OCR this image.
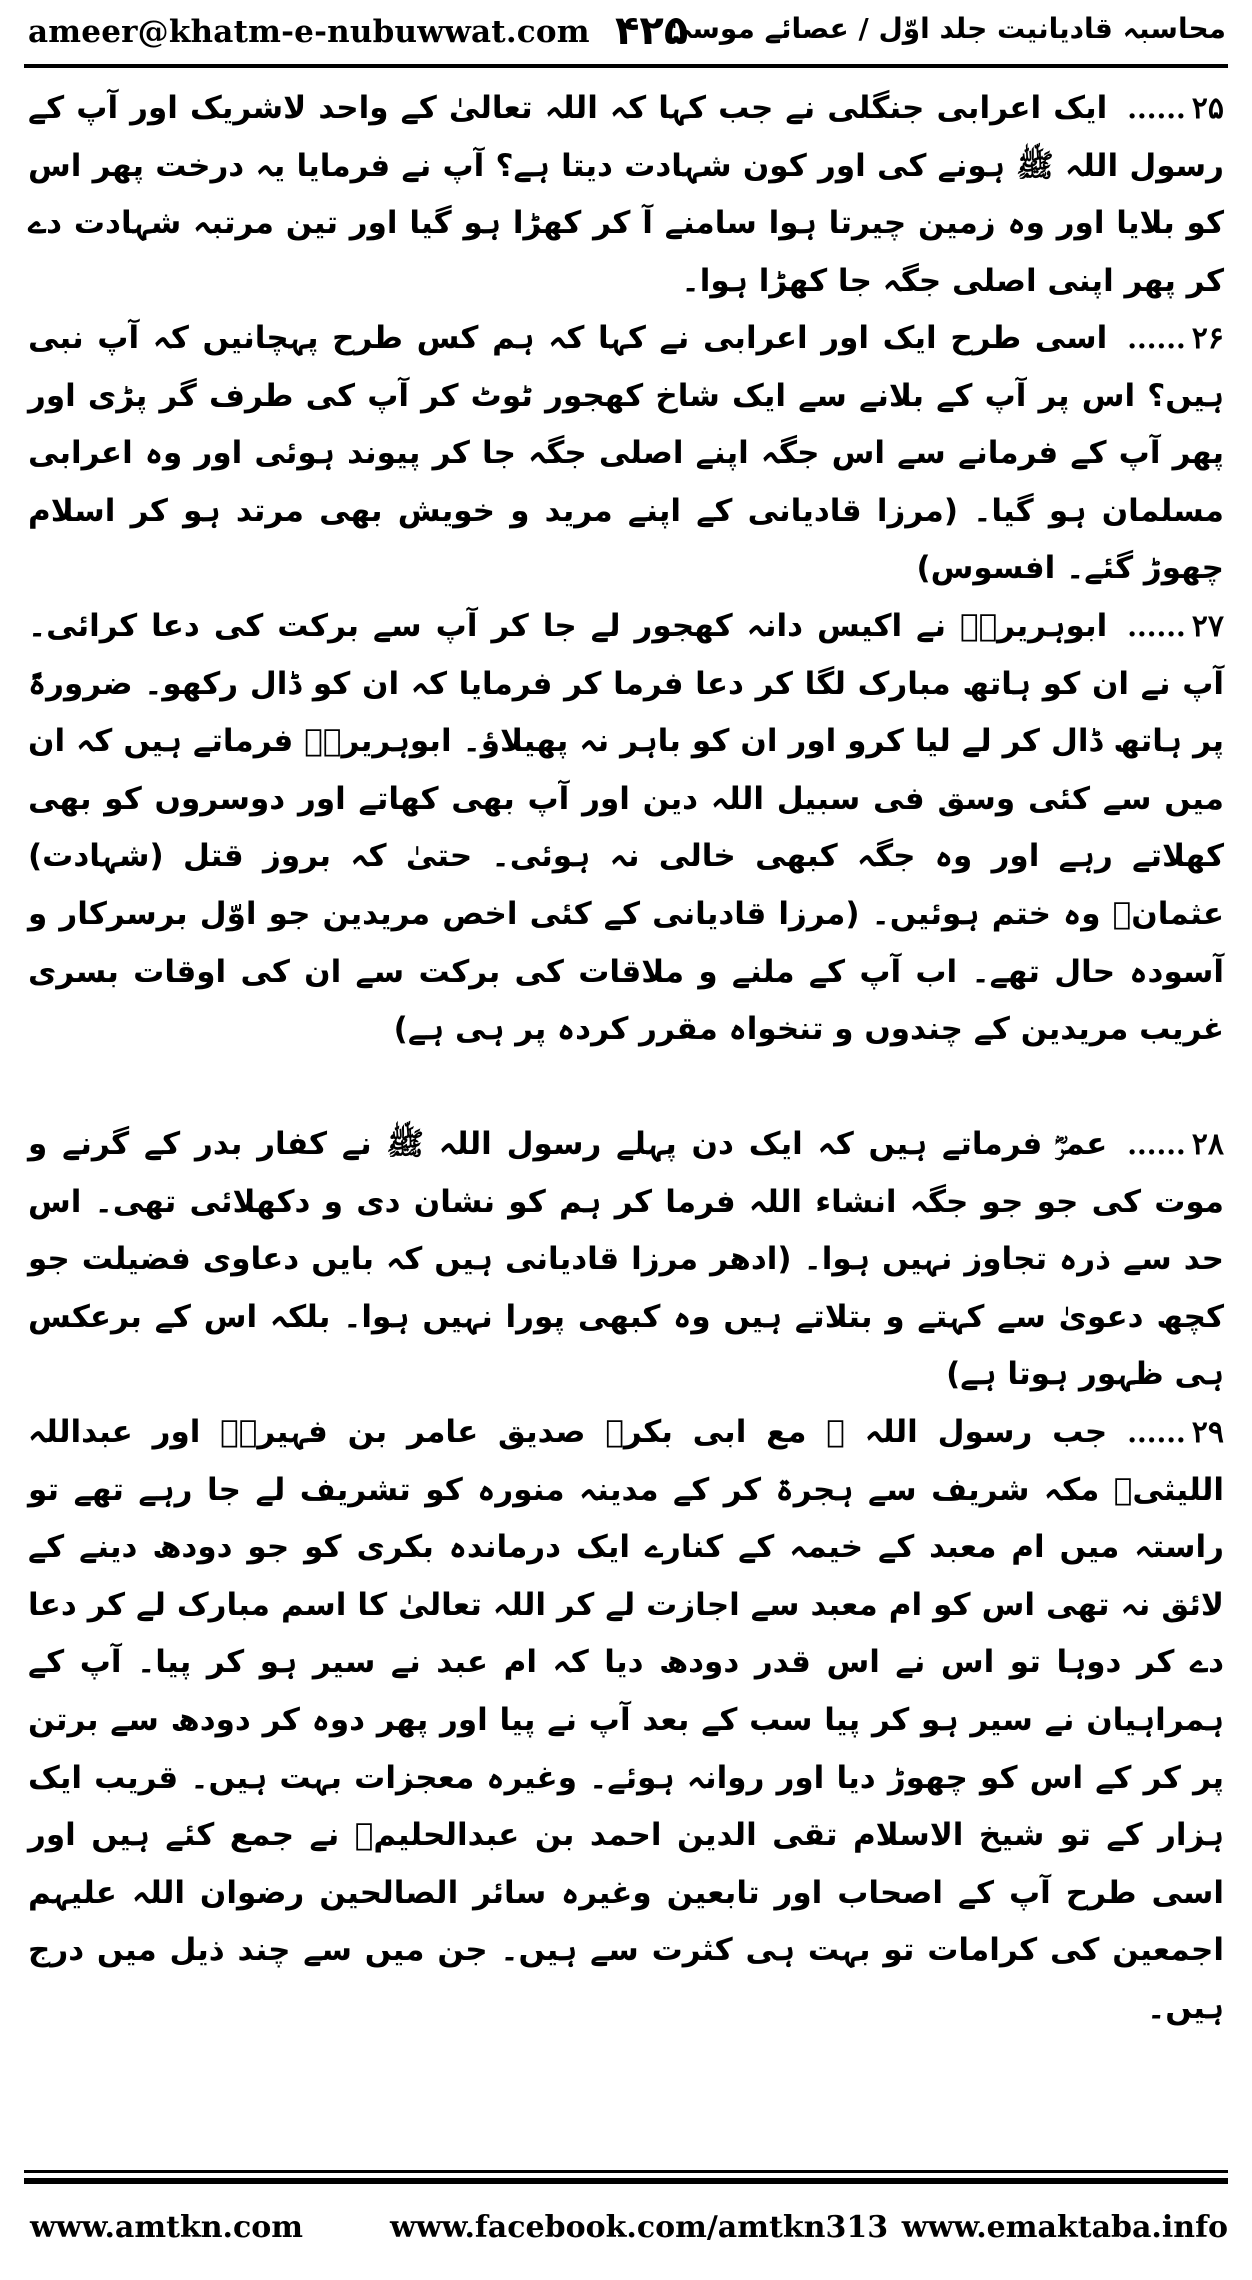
ameer@khatm-e-nubuwwat.com ۴۲۵
محاسبہ قادیانیت جلد اوّل / عصائے موسیٰ

۲۵......ایک اعرابی جنگلی نے جب کہا کہ اللہ تعالیٰ کے واحد لاشریک اور آپ کے رسول اللہ ﷺ ہونے کی اور کون شہادت دیتا ہے؟ آپ نے فرمایا یہ درخت پھر اس کو بلایا اور وہ زمین چیرتا ہوا سامنے آ کر کھڑا ہو گیا اور تین مرتبہ شہادت دے کر پھر اپنی اصلی جگہ جا کھڑا ہوا۔

۲۶......اسی طرح ایک اور اعرابی نے کہا کہ ہم کس طرح پہچانیں کہ آپ نبی ہیں؟ اس پر آپ کے بلانے سے ایک شاخ کھجور ٹوٹ کر آپ کی طرف گر پڑی اور پھر آپ کے فرمانے سے اس جگہ اپنے اصلی جگہ جا کر پیوند ہوئی اور وہ اعرابی مسلمان ہو گیا۔ (مرزا قادیانی کے اپنے مرید و خویش بھی مرتد ہو کر اسلام چھوڑ گئے۔ افسوس)

۲۷......ابوہریرہؓ نے اکیس دانہ کھجور لے جا کر آپ سے برکت کی دعا کرائی۔ آپ نے ان کو ہاتھ مبارک لگا کر دعا فرما کر فرمایا کہ ان کو ڈال رکھو۔ ضرورۃً پر ہاتھ ڈال کر لے لیا کرو اور ان کو باہر نہ پھیلاؤ۔ ابوہریرہؓ فرماتے ہیں کہ ان میں سے کئی وسق فی سبیل اللہ دین اور آپ بھی کھاتے اور دوسروں کو بھی کھلاتے رہے اور وہ جگہ کبھی خالی نہ ہوئی۔ حتیٰ کہ بروز قتل (شہادت) عثمانؓ وہ ختم ہوئیں۔ (مرزا قادیانی کے کئی اخص مریدین جو اوّل برسرکار و آسودہ حال تھے۔ اب آپ کے ملنے و ملاقات کی برکت سے ان کی اوقات بسری غریب مریدین کے چندوں و تنخواہ مقرر کردہ پر ہی ہے)

۲۸......عمرؓ فرماتے ہیں کہ ایک دن پہلے رسول اللہ ﷺ نے کفار بدر کے گرنے و موت کی جو جو جگہ انشاء اللہ فرما کر ہم کو نشان دی و دکھلائی تھی۔ اس حد سے ذرہ تجاوز نہیں ہوا۔ (ادھر مرزا قادیانی ہیں کہ بایں دعاوی فضیلت جو کچھ دعویٰ سے کہتے و بتلاتے ہیں وہ کبھی پورا نہیں ہوا۔ بلکہ اس کے برعکس ہی ظہور ہوتا ہے)

۲۹......جب رسول اللہ ﷺ مع ابی بکرؓ صدیق عامر بن فہیرہؓ اور عبداللہ اللیثیؓ مکہ شریف سے ہجرۃ کر کے مدینہ منورہ کو تشریف لے جا رہے تھے تو راستہ میں ام معبد کے خیمہ کے کنارے ایک درماندہ بکری کو جو دودھ دینے کے لائق نہ تھی اس کو ام معبد سے اجازت لے کر اللہ تعالیٰ کا اسم مبارک لے کر دعا دے کر دوہا تو اس نے اس قدر دودھ دیا کہ ام عبد نے سیر ہو کر پیا۔ آپ کے ہمراہیان نے سیر ہو کر پیا سب کے بعد آپ نے پیا اور پھر دوہ کر دودھ سے برتن پر کر کے اس کو چھوڑ دیا اور روانہ ہوئے۔ وغیرہ معجزات بہت ہیں۔ قریب ایک ہزار کے تو شیخ الاسلام تقی الدین احمد بن عبدالحلیمؒ نے جمع کئے ہیں اور اسی طرح آپ کے اصحاب اور تابعین وغیرہ سائر الصالحین رضوان اللہ علیہم اجمعین کی کرامات تو بہت ہی کثرت سے ہیں۔ جن میں سے چند ذیل میں درج ہیں۔

www.amtkn.com	www.facebook.com/amtkn313 www.emaktaba.info
